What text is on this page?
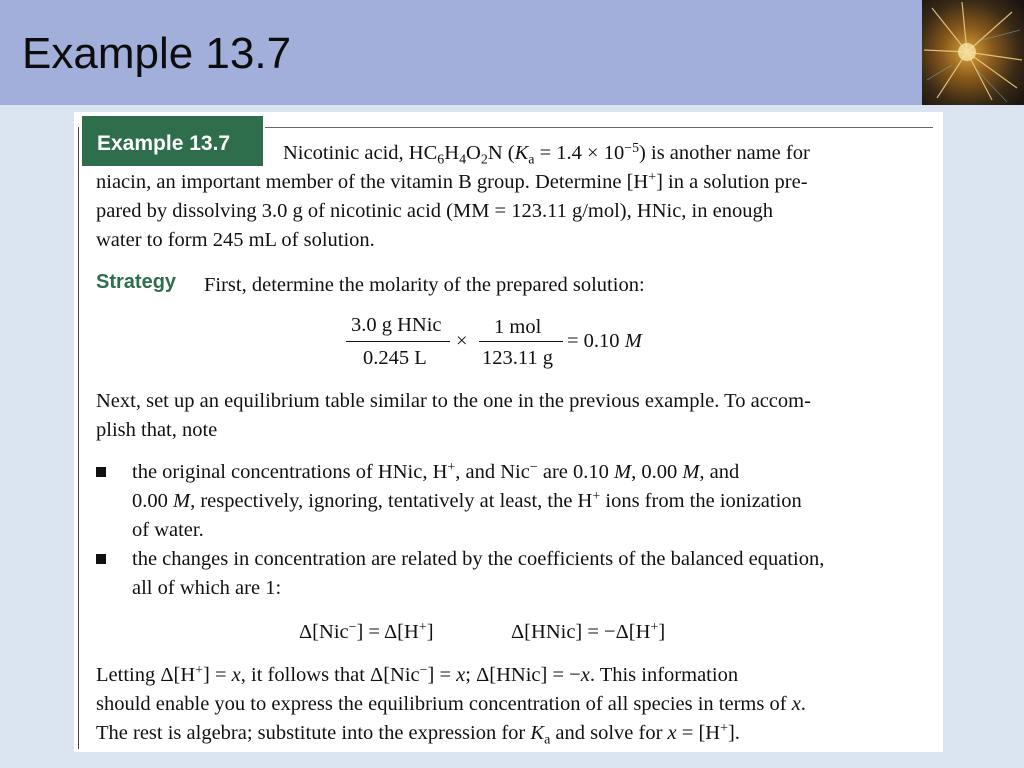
Example 13.7
Example 13.7	Nicotinic acid, $HC_6H_4O_2N$ $(K_a = 1.4 \times 10^{-5})$ is another name for
niacin, an important member of the vitamin B group. Determine [H+] in a solution pre-
pared by dissolving 3.0 g of nicotinic acid (MM = 123.11 g/mol), HNic, in enough
water to form 245 mL of solution.
Strategy First, determine the molarity of the prepared solution:
3.0 g HNic
0.245 L
×
1 mol
123.11 g
= 0.10 M
Next, set up an equilibrium table similar to the one in the previous example. To accom-
plish that, note
the original concentrations of HNic, H+, and Nic− are 0.10 M, 0.00 M, and
0.00 M, respectively, ignoring, tentatively at least, the H+ ions from the ionization
of water.
the changes in concentration are related by the coefficients of the balanced equation,
all of which are 1:
Δ[Nic−] = Δ[H+]	Δ[HNic] = −Δ[H+]
Letting Δ[H+] = x, it follows that Δ[Nic−] = x; Δ[HNic] = −x. This information
should enable you to express the equilibrium concentration of all species in terms of x.
The rest is algebra; substitute into the expression for $K_a$ and solve for x = [H+].
